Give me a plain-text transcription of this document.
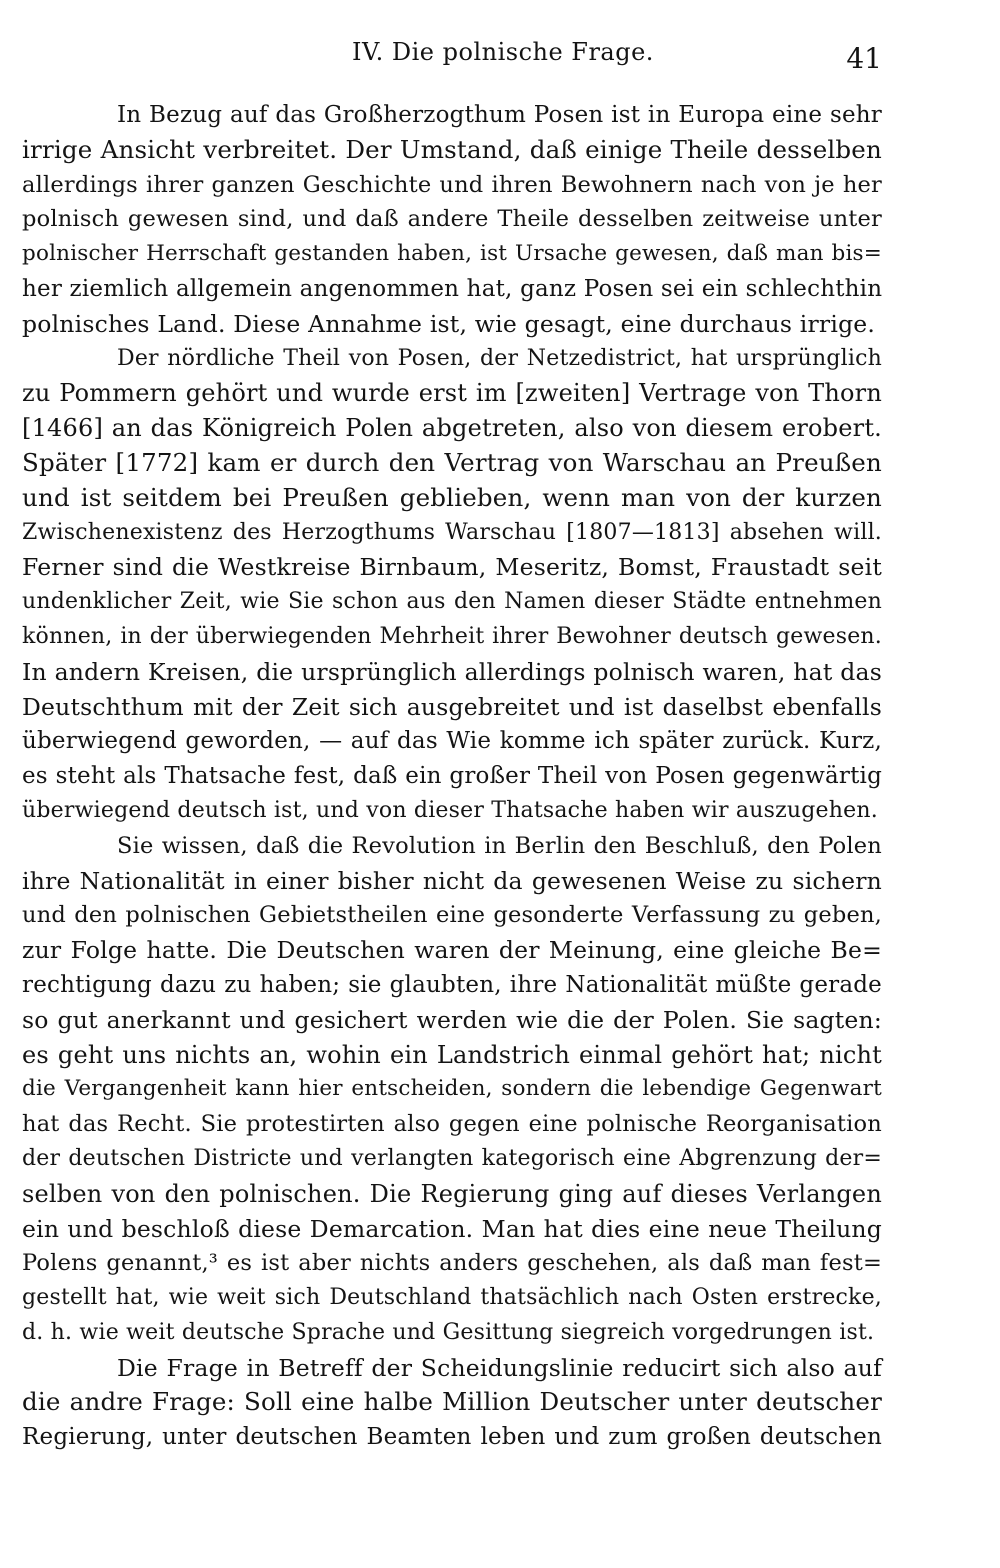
IV. Die polnische Frage.	41
In Bezug auf das Großherzogthum Posen ist in Europa eine sehr
irrige Ansicht verbreitet. Der Umstand, daß einige Theile desselben
allerdings ihrer ganzen Geschichte und ihren Bewohnern nach von je her
polnisch gewesen sind, und daß andere Theile desselben zeitweise unter
polnischer Herrschaft gestanden haben, ist Ursache gewesen, daß man bis=
her ziemlich allgemein angenommen hat, ganz Posen sei ein schlechthin
polnisches Land. Diese Annahme ist, wie gesagt, eine durchaus irrige.
Der nördliche Theil von Posen, der Netzedistrict, hat ursprünglich
zu Pommern gehört und wurde erst im [zweiten] Vertrage von Thorn
[1466] an das Königreich Polen abgetreten, also von diesem erobert.
Später [1772] kam er durch den Vertrag von Warschau an Preußen
und ist seitdem bei Preußen geblieben, wenn man von der kurzen
Zwischenexistenz des Herzogthums Warschau [1807—1813] absehen will.
Ferner sind die Westkreise Birnbaum, Meseritz, Bomst, Fraustadt seit
undenklicher Zeit, wie Sie schon aus den Namen dieser Städte entnehmen
können, in der überwiegenden Mehrheit ihrer Bewohner deutsch gewesen.
In andern Kreisen, die ursprünglich allerdings polnisch waren, hat das
Deutschthum mit der Zeit sich ausgebreitet und ist daselbst ebenfalls
überwiegend geworden, — auf das Wie komme ich später zurück. Kurz,
es steht als Thatsache fest, daß ein großer Theil von Posen gegenwärtig
überwiegend deutsch ist, und von dieser Thatsache haben wir auszugehen.
Sie wissen, daß die Revolution in Berlin den Beschluß, den Polen
ihre Nationalität in einer bisher nicht da gewesenen Weise zu sichern
und den polnischen Gebietstheilen eine gesonderte Verfassung zu geben,
zur Folge hatte. Die Deutschen waren der Meinung, eine gleiche Be=
rechtigung dazu zu haben; sie glaubten, ihre Nationalität müßte gerade
so gut anerkannt und gesichert werden wie die der Polen. Sie sagten:
es geht uns nichts an, wohin ein Landstrich einmal gehört hat; nicht
die Vergangenheit kann hier entscheiden, sondern die lebendige Gegenwart
hat das Recht. Sie protestirten also gegen eine polnische Reorganisation
der deutschen Districte und verlangten kategorisch eine Abgrenzung der=
selben von den polnischen. Die Regierung ging auf dieses Verlangen
ein und beschloß diese Demarcation. Man hat dies eine neue Theilung
Polens genannt,³ es ist aber nichts anders geschehen, als daß man fest=
gestellt hat, wie weit sich Deutschland thatsächlich nach Osten erstrecke,
d. h. wie weit deutsche Sprache und Gesittung siegreich vorgedrungen ist.
Die Frage in Betreff der Scheidungslinie reducirt sich also auf
die andre Frage: Soll eine halbe Million Deutscher unter deutscher
Regierung, unter deutschen Beamten leben und zum großen deutschen
